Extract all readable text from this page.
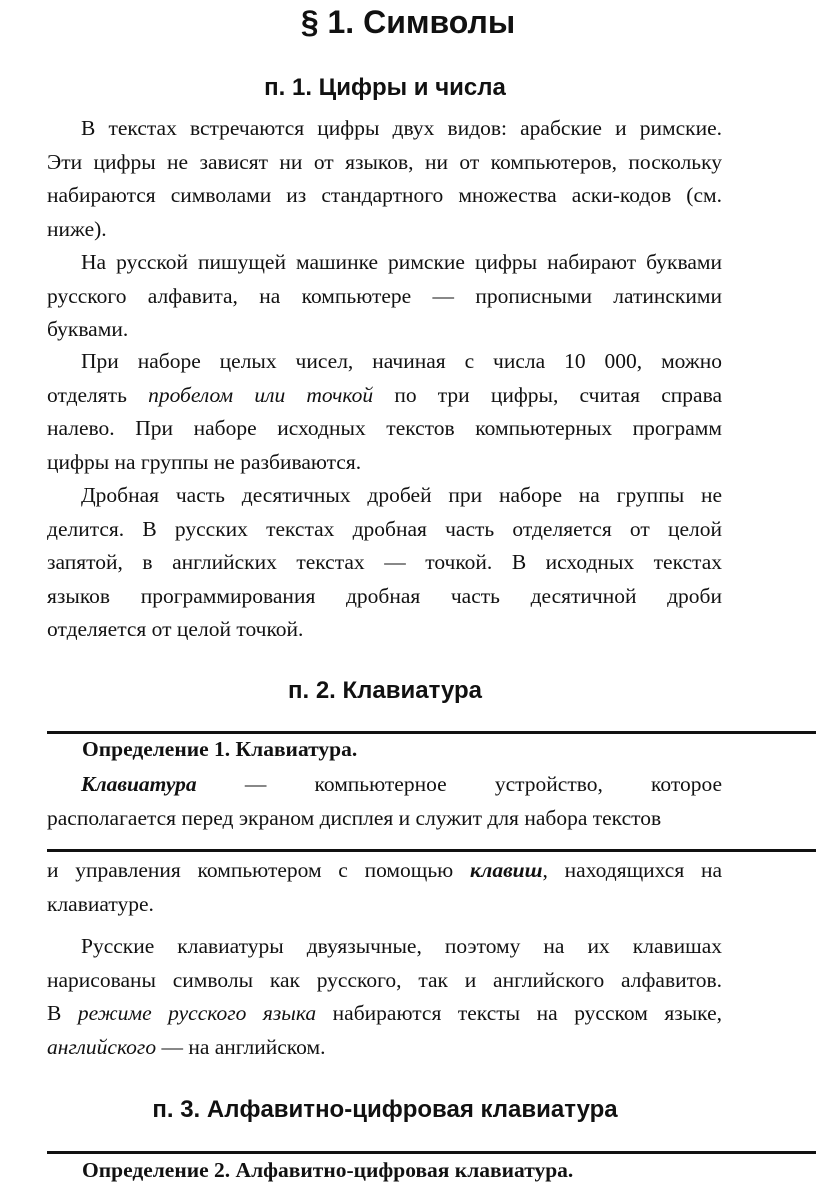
§ 1. Символы
п. 1. Цифры и числа
В текстах встречаются цифры двух видов: арабские и римские.
Эти цифры не зависят ни от языков, ни от компьютеров, поскольку
набираются символами из стандартного множества аски-кодов (см.
ниже).
На русской пишущей машинке римские цифры набирают буквами
русского алфавита, на компьютере — прописными латинскими
буквами.
При наборе целых чисел, начиная с числа 10 000, можно
отделять пробелом или точкой по три цифры, считая справа
налево. При наборе исходных текстов компьютерных программ
цифры на группы не разбиваются.
Дробная часть десятичных дробей при наборе на группы не
делится. В русских текстах дробная часть отделяется от целой
запятой, в английских текстах — точкой. В исходных текстах
языков программирования дробная часть десятичной дроби
отделяется от целой точкой.
п. 2. Клавиатура

Определение 1. Клавиатура.

Клавиатура — компьютерное устройство, которое
располагается перед экраном дисплея и служит для набора текстов
и управления компьютером с помощью клавиш, находящихся на
клавиатуре.
Русские клавиатуры двуязычные, поэтому на их клавишах
нарисованы символы как русского, так и английского алфавитов.
В режиме русского языка набираются тексты на русском языке,
английского — на английском.
п. 3. Алфавитно-цифровая клавиатура

Определение 2. Алфавитно-цифровая клавиатура.
